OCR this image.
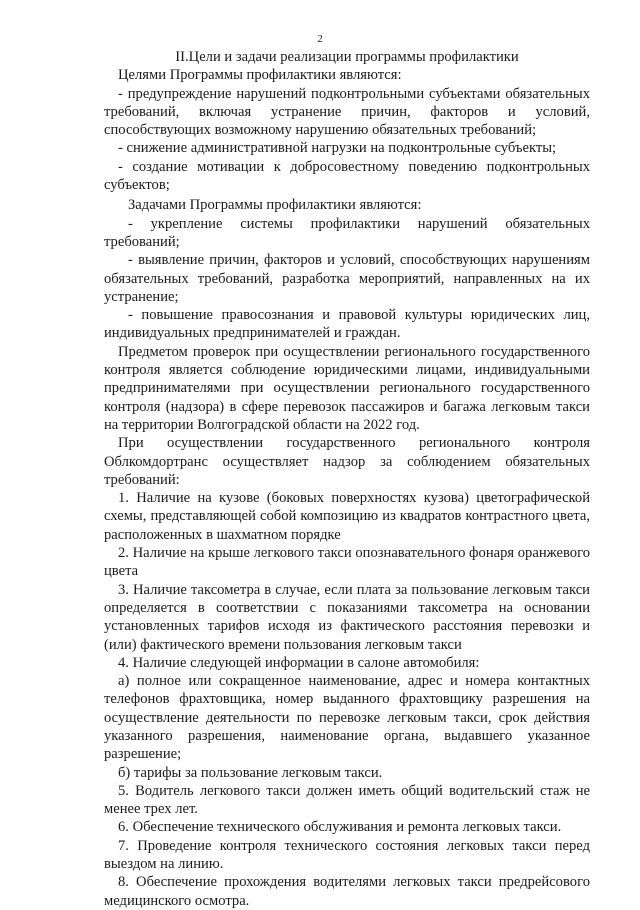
2

II.Цели и задачи реализации программы профилактики

Целями Программы профилактики являются:

- предупреждение нарушений подконтрольными субъектами обязательных требований, включая устранение причин, факторов и условий, способствующих возможному нарушению обязательных требований;

- снижение административной нагрузки на подконтрольные субъекты;

- создание мотивации к добросовестному поведению подконтрольных субъектов;

Задачами Программы профилактики являются:

- укрепление системы профилактики нарушений обязательных требований;

- выявление причин, факторов и условий, способствующих нарушениям обязательных требований, разработка мероприятий, направленных на их устранение;

- повышение правосознания и правовой культуры юридических лиц, индивидуальных предпринимателей и граждан.

Предметом проверок при осуществлении регионального государственного контроля является соблюдение юридическими лицами, индивидуальными предпринимателями при осуществлении регионального государственного контроля (надзора) в сфере перевозок пассажиров и багажа легковым такси на территории Волгоградской области на 2022 год.

При осуществлении государственного регионального контроля Облкомдортранс осуществляет надзор за соблюдением обязательных требований:

1. Наличие на кузове (боковых поверхностях кузова) цветографической схемы, представляющей собой композицию из квадратов контрастного цвета, расположенных в шахматном порядке

2. Наличие на крыше легкового такси опознавательного фонаря оранжевого цвета

3. Наличие таксометра в случае, если плата за пользование легковым такси определяется в соответствии с показаниями таксометра на основании установленных тарифов исходя из фактического расстояния перевозки и (или) фактического времени пользования легковым такси

4. Наличие следующей информации в салоне автомобиля:

а) полное или сокращенное наименование, адрес и номера контактных телефонов фрахтовщика, номер выданного фрахтовщику разрешения на осуществление деятельности по перевозке легковым такси, срок действия указанного разрешения, наименование органа, выдавшего указанное разрешение;

б) тарифы за пользование легковым такси.

5. Водитель легкового такси должен иметь общий водительский стаж не менее трех лет.

6. Обеспечение технического обслуживания и ремонта легковых такси.

7. Проведение контроля технического состояния легковых такси перед выездом на линию.

8. Обеспечение прохождения водителями легковых такси предрейсового медицинского осмотра.
